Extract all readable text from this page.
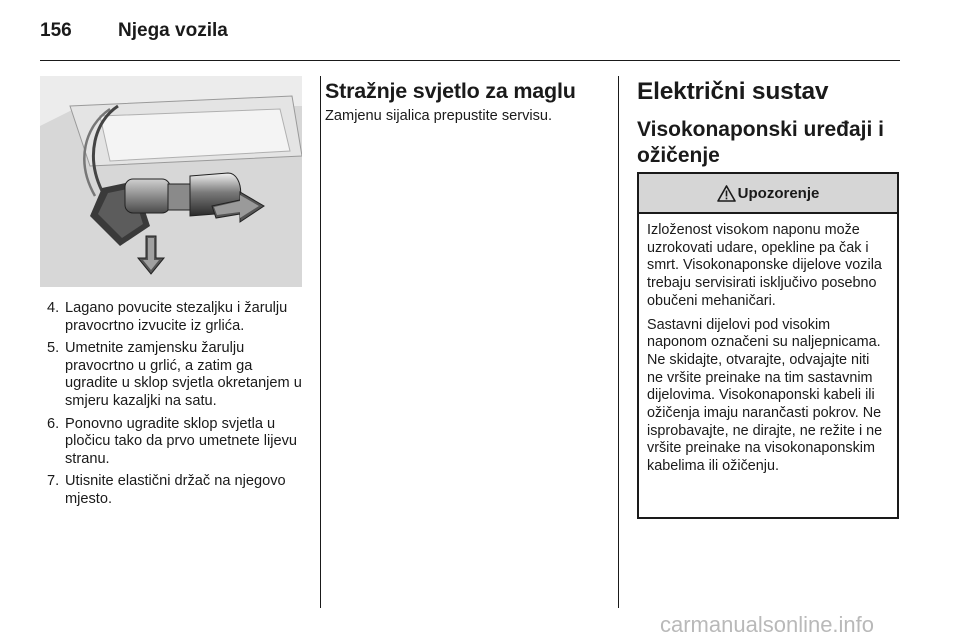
156 Njega vozila
4. Lagano povucite stezaljku i žarulju pravocrtno izvucite iz grlića.
5. Umetnite zamjensku žarulju pravocrtno u grlić, a zatim ga ugradite u sklop svjetla okretanjem u smjeru kazaljki na satu.
6. Ponovno ugradite sklop svjetla u pločicu tako da prvo umetnete lijevu stranu.
7. Utisnite elastični držač na njegovo mjesto.
Stražnje svjetlo za maglu
Zamjenu sijalica prepustite servisu.
Električni sustav
Visokonaponski uređaji i ožičenje
Upozorenje

Izloženost visokom naponu može uzrokovati udare, opekline pa čak i smrt. Visokonaponske dijelove vozila trebaju servisirati isključivo posebno obučeni mehaničari.

Sastavni dijelovi pod visokim naponom označeni su naljepnicama. Ne skidajte, otvarajte, odvajajte niti ne vršite preinake na tim sastavnim dijelovima. Visokonaponski kabeli ili ožičenja imaju narančasti pokrov. Ne isprobavajte, ne dirajte, ne režite i ne vršite preinake na visokonaponskim kabelima ili ožičenju.

carmanualsonline.info
